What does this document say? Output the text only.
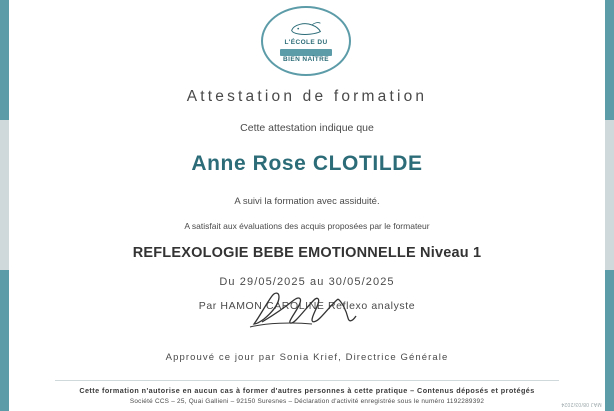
L'ÉCOLE DU
BIEN NAÎTRE
Attestation de formation
Cette attestation indique que
Anne Rose CLOTILDE
A suivi la formation avec assiduité.
A satisfait aux évaluations des acquis proposées par le formateur
REFLEXOLOGIE BEBE EMOTIONNELLE Niveau 1
Du 29/05/2025 au 30/05/2025
Par HAMON CAROLINE Reflexo analyste
Approuvé ce jour par Sonia Krief, Directrice Générale
Cette formation n'autorise en aucun cas à former d'autres personnes à cette pratique – Contenus déposés et protégés
Société CCS – 25, Quai Gallieni – 92150 Suresnes – Déclaration d'activité enregistrée sous le numéro 1192289392	MAJ 08/03/2024
